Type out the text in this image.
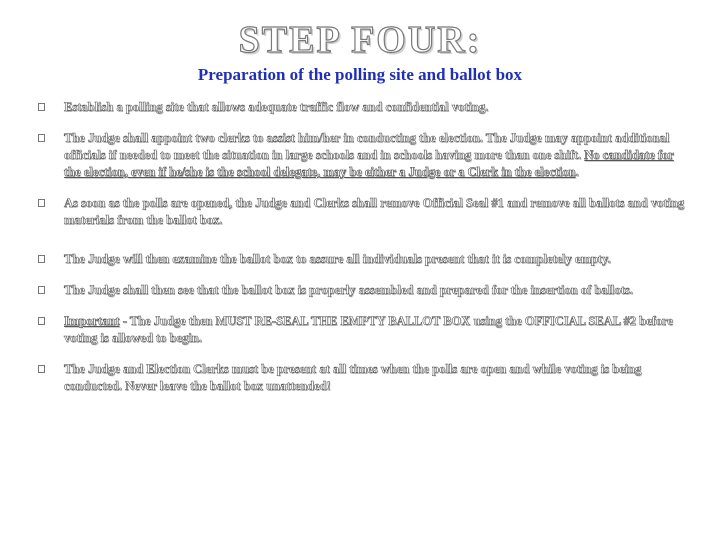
STEP FOUR:
Preparation of the polling site and ballot box
Establish a polling site that allows adequate traffic flow and confidential voting.
The Judge shall appoint two clerks to assist him/her in conducting the election. The Judge may appoint additional officials if needed to meet the situation in large schools and in schools having more than one shift. No candidate for the election, even if he/she is the school delegate, may be either a Judge or a Clerk in the election.
As soon as the polls are opened, the Judge and Clerks shall remove Official Seal #1 and remove all ballots and voting materials from the ballot box.
The Judge will then examine the ballot box to assure all individuals present that it is completely empty.
The Judge shall then see that the ballot box is properly assembled and prepared for the insertion of ballots.
Important - The Judge then MUST RE-SEAL THE EMPTY BALLOT BOX using the OFFICIAL SEAL #2 before voting is allowed to begin.
The Judge and Election Clerks must be present at all times when the polls are open and while voting is being conducted. Never leave the ballot box unattended!
